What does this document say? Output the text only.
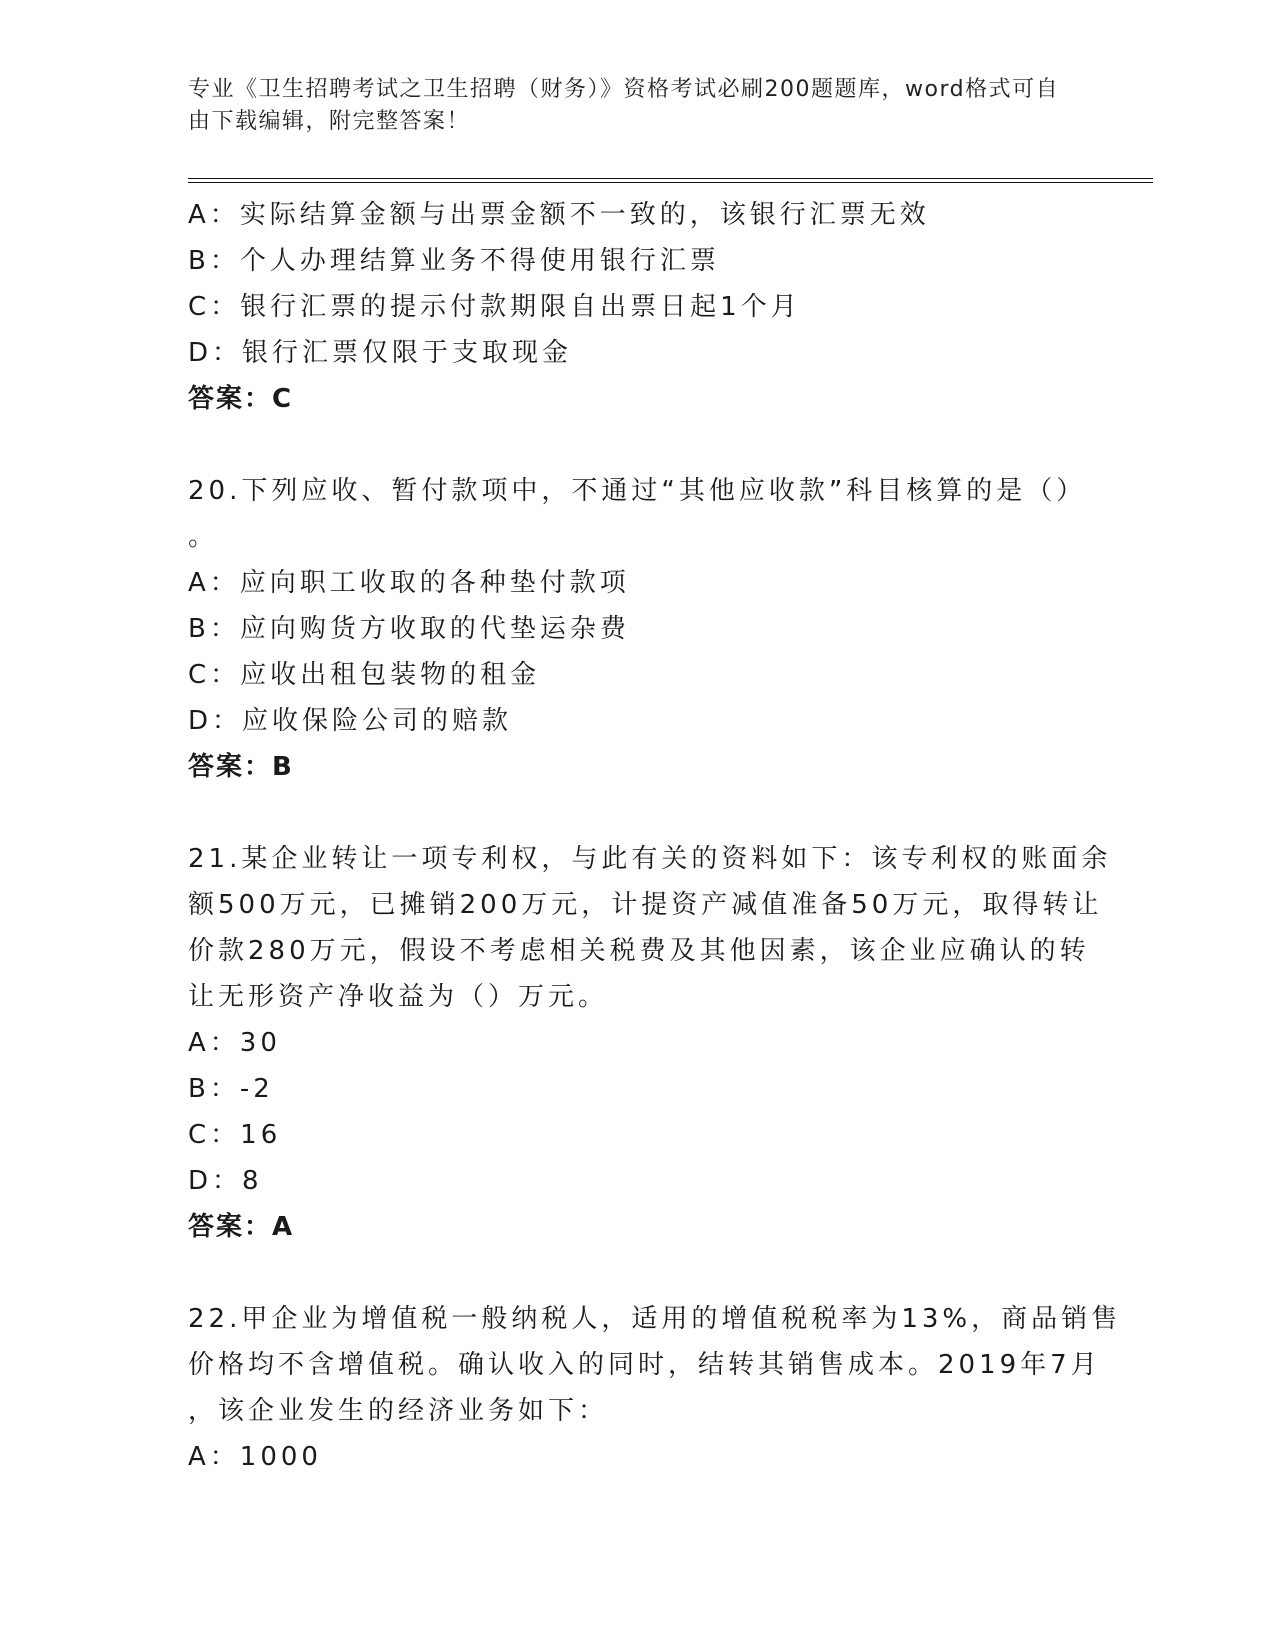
专业《卫生招聘考试之卫生招聘（财务）》资格考试必刷200题题库，word格式可自由下载编辑，附完整答案！
A：实际结算金额与出票金额不一致的，该银行汇票无效
B：个人办理结算业务不得使用银行汇票
C：银行汇票的提示付款期限自出票日起1个月
D：银行汇票仅限于支取现金
答案：C
20.下列应收、暂付款项中，不通过“其他应收款”科目核算的是（）
。
A：应向职工收取的各种垫付款项
B：应向购货方收取的代垫运杂费
C：应收出租包装物的租金
D：应收保险公司的赔款
答案：B
21.某企业转让一项专利权，与此有关的资料如下：该专利权的账面余
额500万元，已摊销200万元，计提资产减值准备50万元，取得转让
价款280万元，假设不考虑相关税费及其他因素，该企业应确认的转
让无形资产净收益为（）万元。
A：30
B：-2
C：16
D：8
答案：A
22.甲企业为增值税一般纳税人，适用的增值税税率为13%，商品销售
价格均不含增值税。确认收入的同时，结转其销售成本。2019年7月
，该企业发生的经济业务如下：
A：1000
